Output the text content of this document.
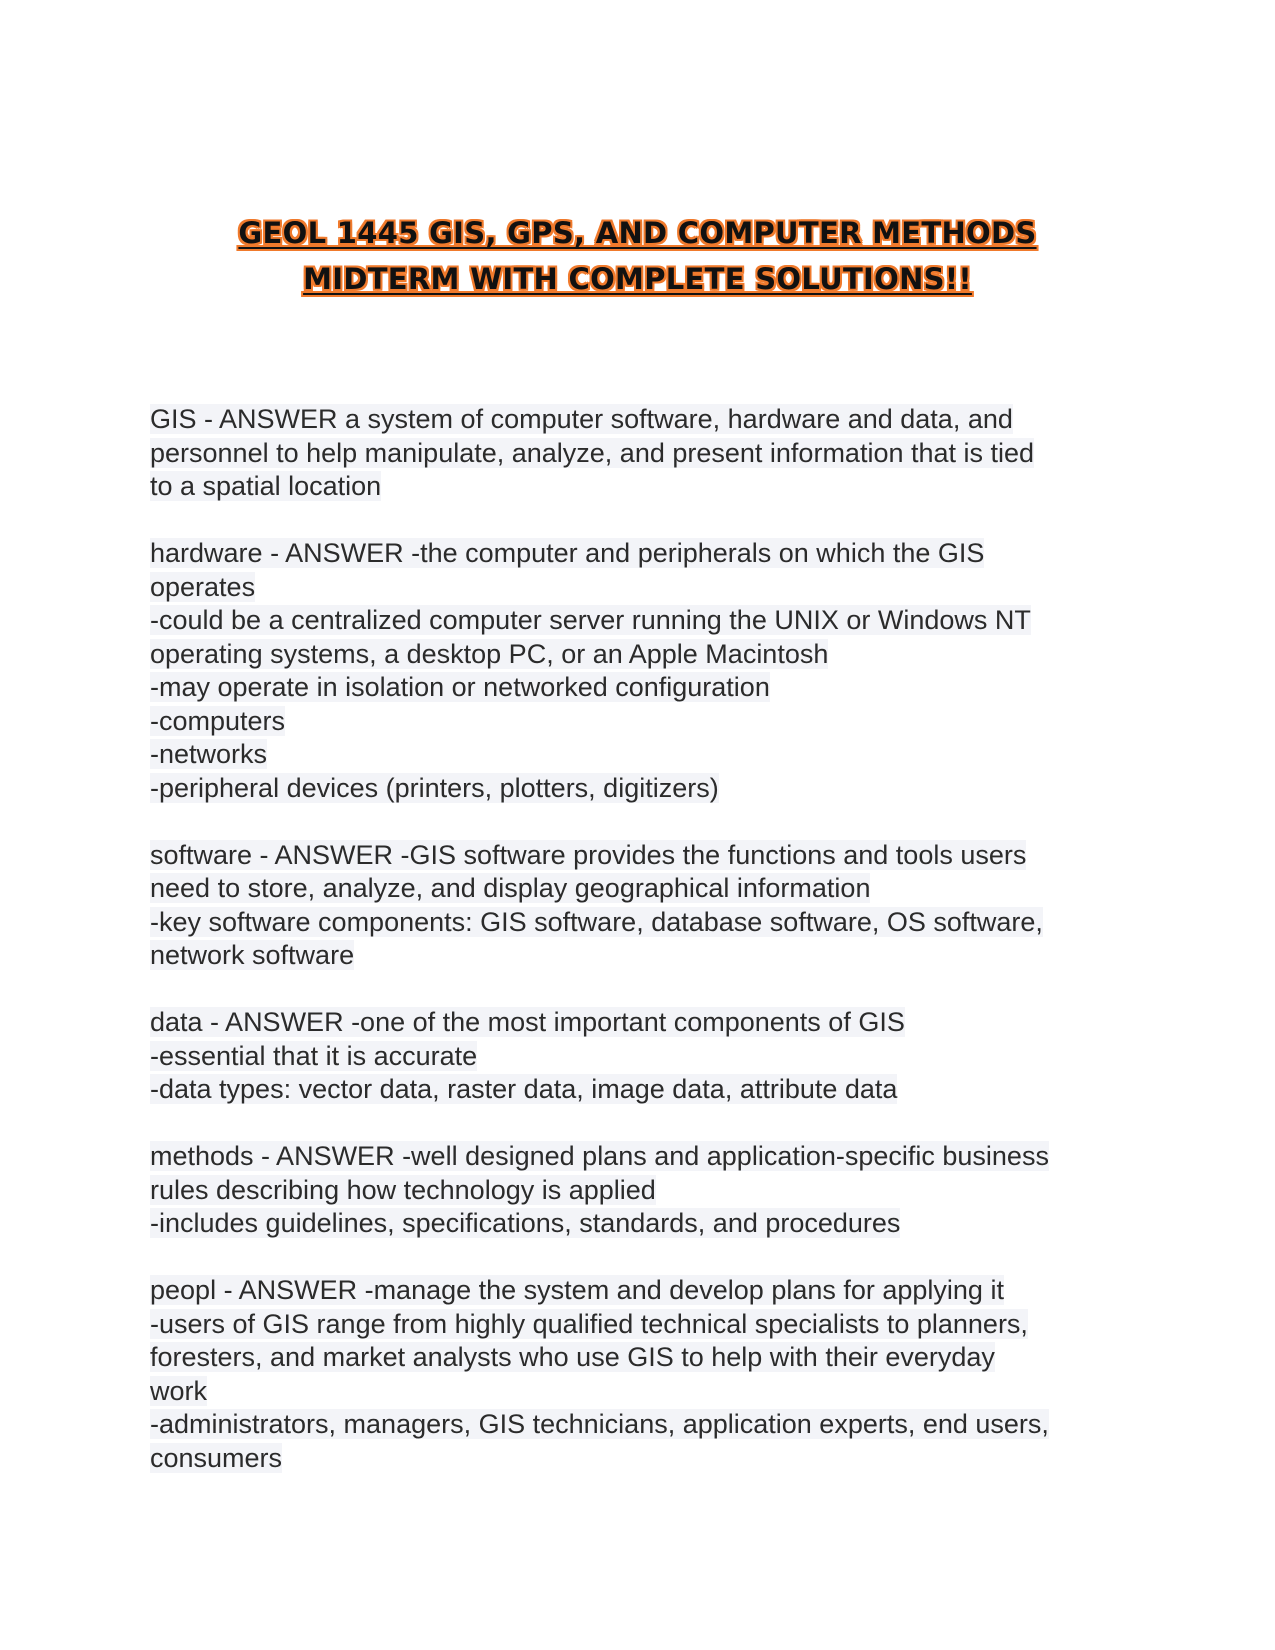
GEOL 1445 GIS, GPS, AND COMPUTER METHODS
MIDTERM WITH COMPLETE SOLUTIONS!!
GIS - ANSWER a system of computer software, hardware and data, and
personnel to help manipulate, analyze, and present information that is tied
to a spatial location
hardware - ANSWER -the computer and peripherals on which the GIS
operates
-could be a centralized computer server running the UNIX or Windows NT
operating systems, a desktop PC, or an Apple Macintosh
-may operate in isolation or networked configuration
-computers
-networks
-peripheral devices (printers, plotters, digitizers)
software - ANSWER -GIS software provides the functions and tools users
need to store, analyze, and display geographical information
-key software components: GIS software, database software, OS software,
network software
data - ANSWER -one of the most important components of GIS
-essential that it is accurate
-data types: vector data, raster data, image data, attribute data
methods - ANSWER -well designed plans and application-specific business
rules describing how technology is applied
-includes guidelines, specifications, standards, and procedures
peopl - ANSWER -manage the system and develop plans for applying it
-users of GIS range from highly qualified technical specialists to planners,
foresters, and market analysts who use GIS to help with their everyday
work
-administrators, managers, GIS technicians, application experts, end users,
consumers
